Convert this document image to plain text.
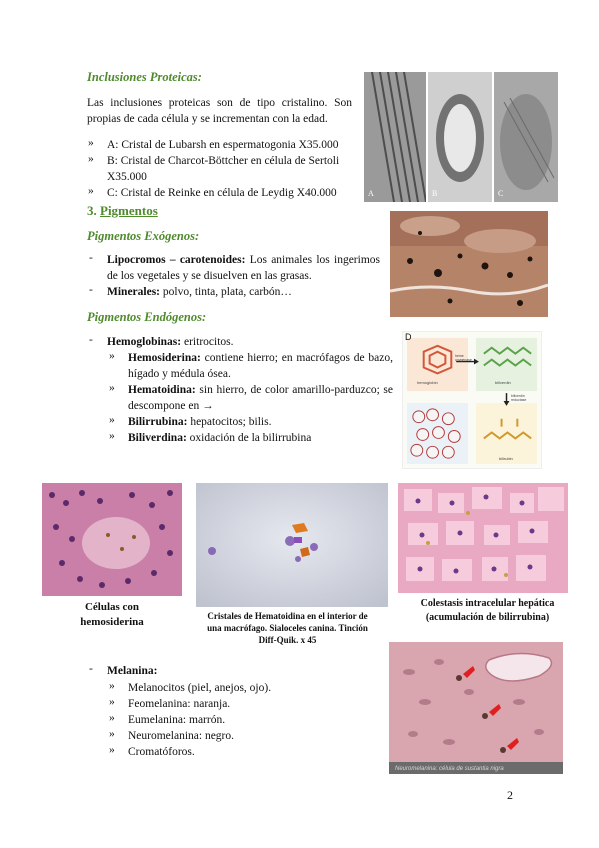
Inclusiones Proteicas:
Las inclusiones proteicas son de tipo cristalino. Son propias de cada célula y se incrementan con la edad.
» A: Cristal de Lubarsh en espermatogonia X35.000
» B: Cristal de Charcot-Böttcher en célula de Sertoli X35.000
» C: Cristal de Reinke en célula de Leydig X40.000	A	B	C
3. Pigmentos
Pigmentos Exógenos:
- Lipocromos – carotenoides: Los animales los ingerimos de los vegetales y se disuelven en las grasas.
- Minerales: polvo, tinta, plata, carbón…
Pigmentos Endógenos:
- Hemoglobinas: eritrocitos.
» Hemosiderina: contiene hierro; en macrófagos de bazo, hígado y médula ósea.
» Hematoidina: sin hierro, de color amarillo-parduzco; se descompone en →
» Bilirrubina: hepatocitos; bilis.
» Biliverdina: oxidación de la bilirrubina
D
hemoglobin
heme oxygenase
biliverdin
biliverdin reductase
bilirubin
Células con hemosiderina	Cristales de Hematoidina en el interior de una macrófago. Sialoceles canina. Tinción Diff-Quik. x 45
Colestasis intracelular hepática (acumulación de bilirrubina)
- Melanina:
» Melanocitos (piel, anejos, ojo).
» Feomelanina: naranja.
» Eumelanina: marrón.
» Neuromelanina: negro.
» Cromatóforos.
Neuromelanina: célula de sustantia nigra
2
